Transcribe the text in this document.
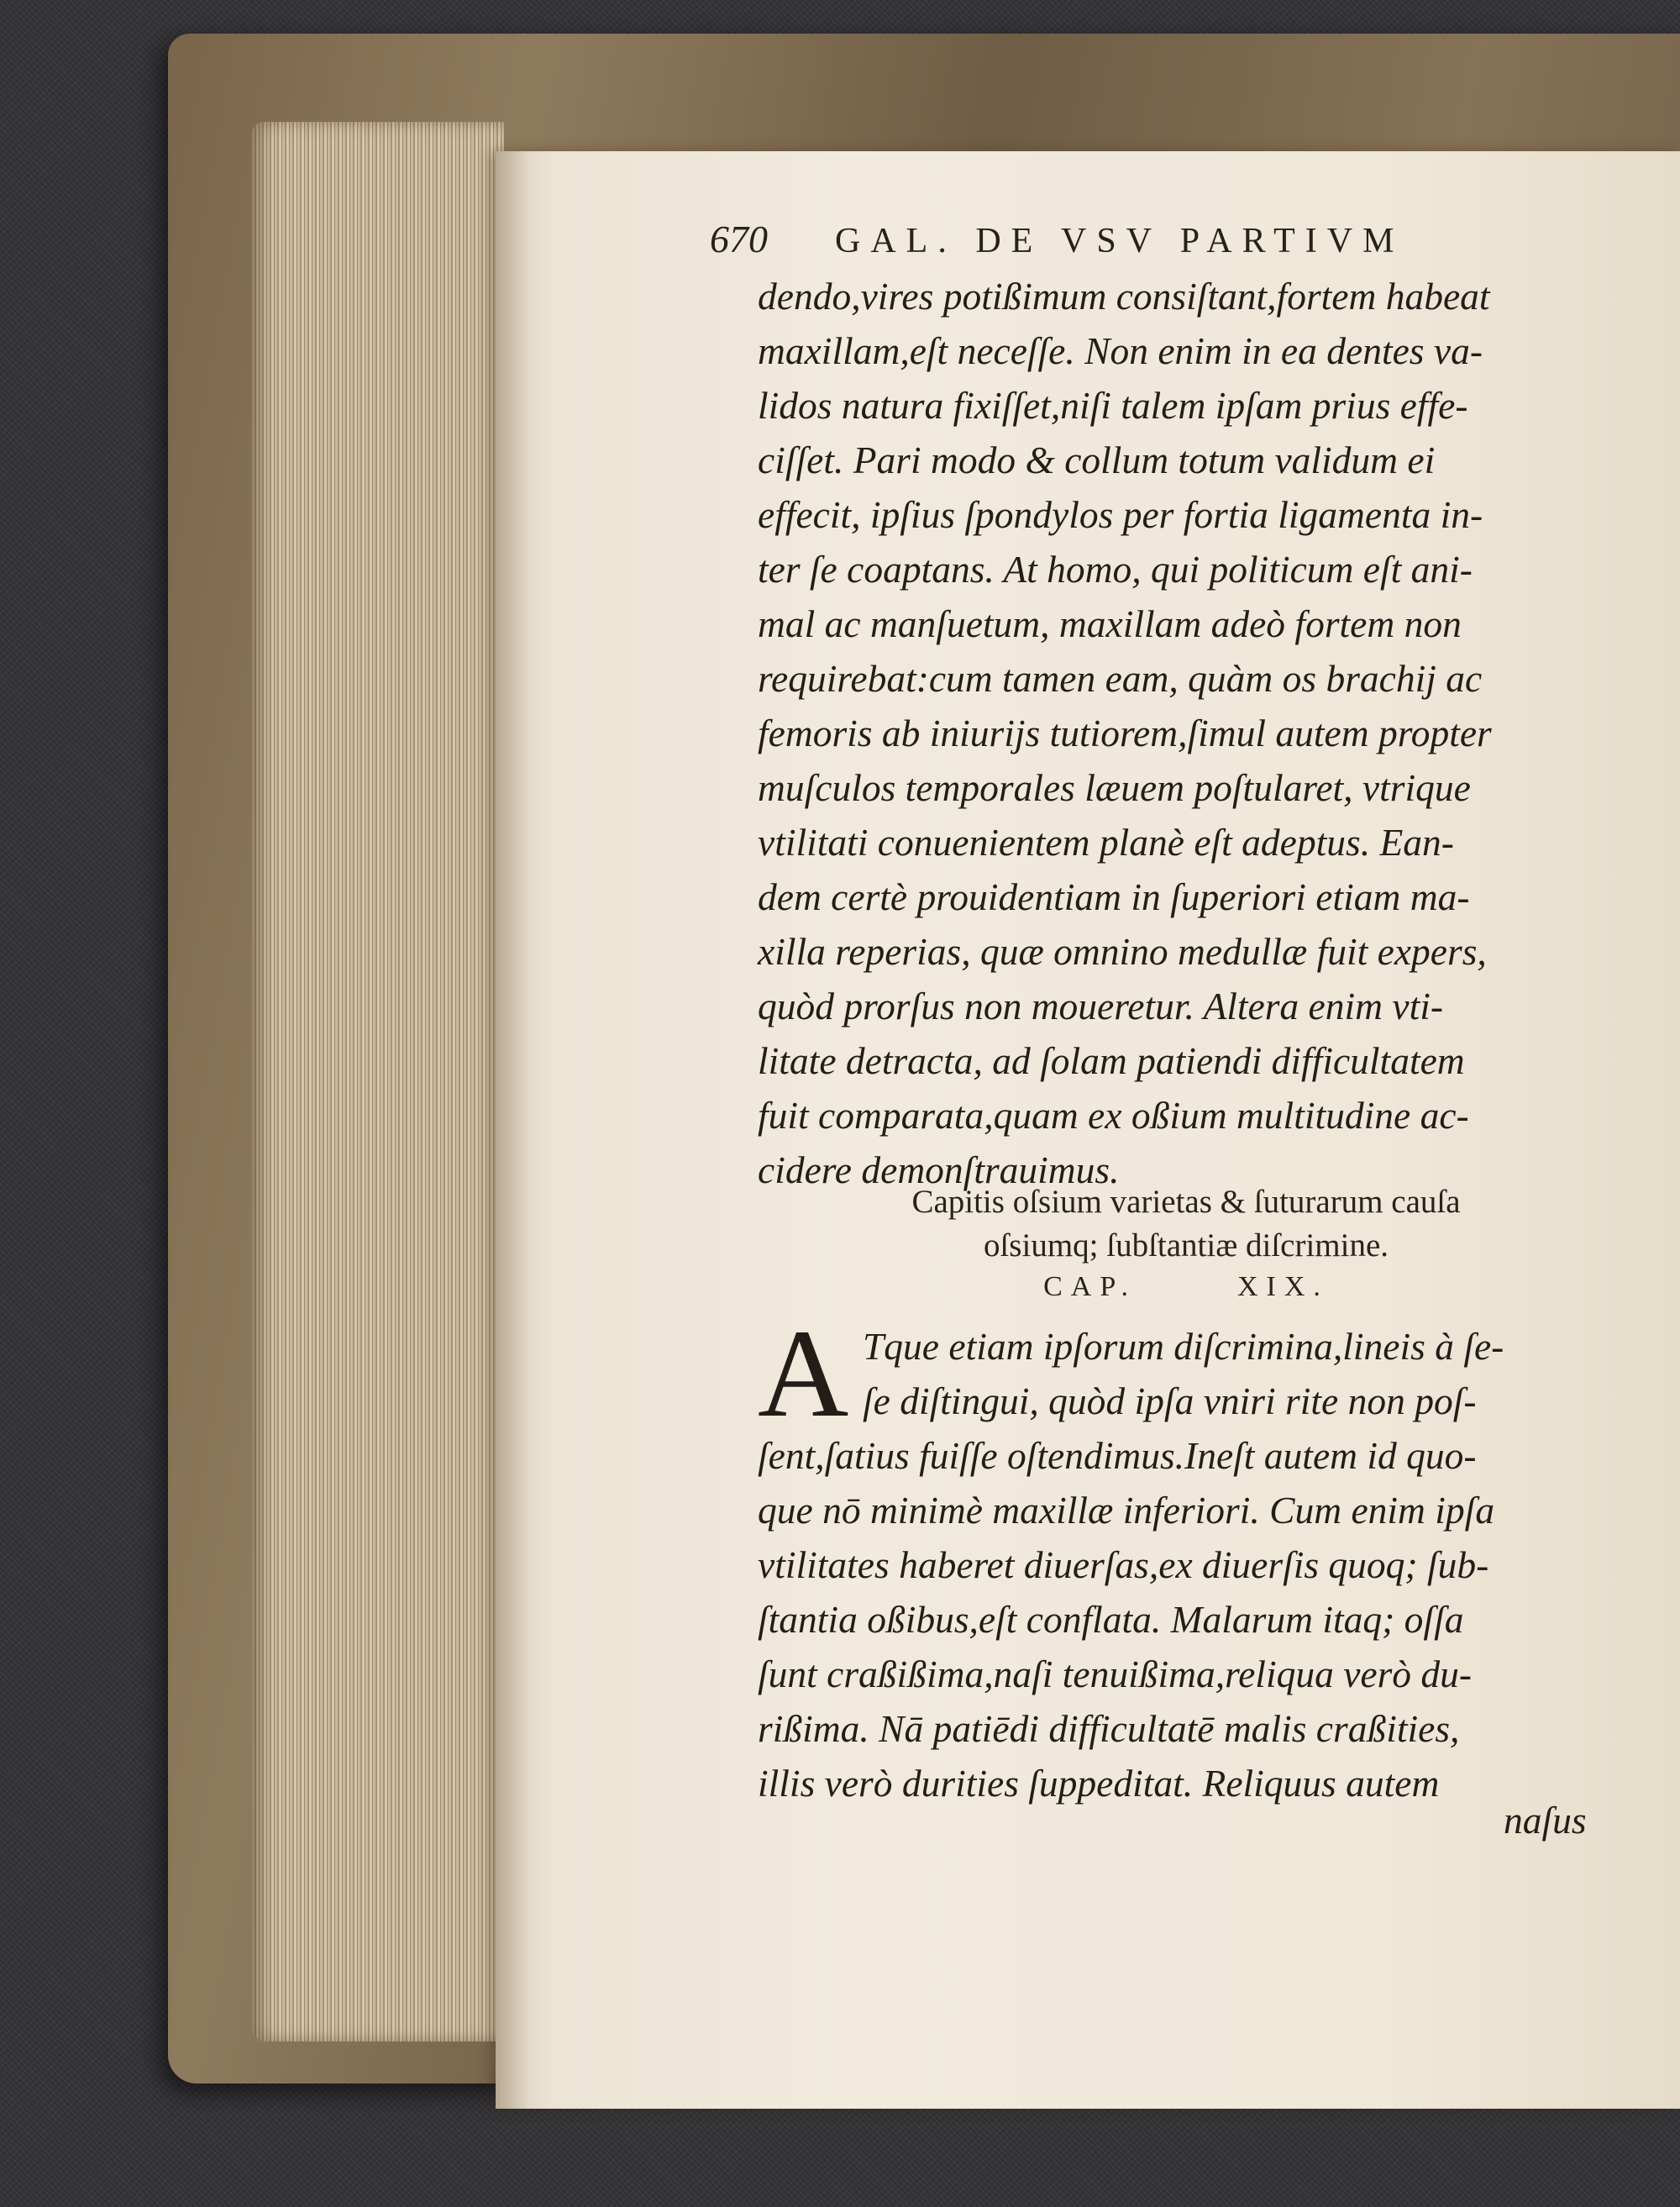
670 GAL. DE VSV PARTIVM
dendo,vires potißimum consiſtant,fortem habeat
maxillam,eſt neceſſe. Non enim in ea dentes va-
lidos natura fixiſſet,niſi talem ipſam prius effe-
ciſſet. Pari modo & collum totum validum ei
effecit, ipſius ſpondylos per fortia ligamenta in-
ter ſe coaptans. At homo, qui politicum eſt ani-
mal ac manſuetum, maxillam adeò fortem non
requirebat:cum tamen eam, quàm os brachij ac
femoris ab iniurijs tutiorem,ſimul autem propter
muſculos temporales læuem poſtularet, vtrique
vtilitati conuenientem planè eſt adeptus. Ean-
dem certè prouidentiam in ſuperiori etiam ma-
xilla reperias, quæ omnino medullæ fuit expers,
quòd prorſus non moueretur. Altera enim vti-
litate detracta, ad ſolam patiendi difficultatem
fuit comparata,quam ex oßium multitudine ac-
cidere demonſtrauimus.
Capitis oſsium varietas & ſuturarum cauſa
oſsiumq; ſubſtantiæ diſcrimine.
CAP.	XIX.
A Tque etiam ipſorum diſcrimina,lineis à ſe-
ſe diſtingui, quòd ipſa vniri rite non poſ-
ſent,ſatius fuiſſe oſtendimus.Ineſt autem id quo-
que nō minimè maxillæ inferiori. Cum enim ipſa
vtilitates haberet diuerſas,ex diuerſis quoq; ſub-
ſtantia oßibus,eſt conflata. Malarum itaq; oſſa
ſunt craßißima,naſi tenuißima,reliqua verò du-
rißima. Nā patiēdi difficultatē malis craßities,
illis verò durities ſuppeditat. Reliquus autem
naſus
